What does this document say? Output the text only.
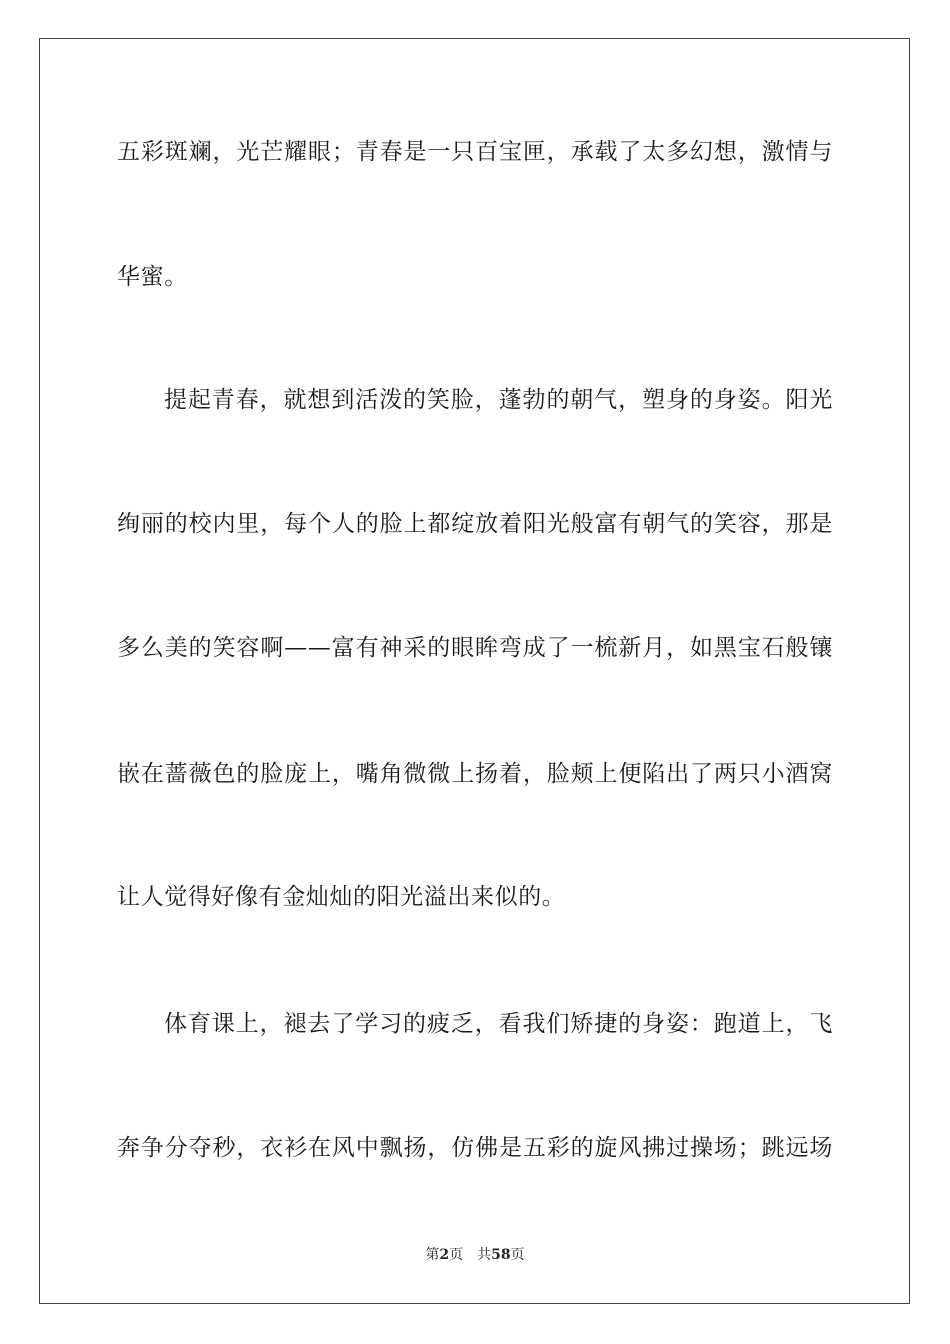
五彩斑斓，光芒耀眼；青春是一只百宝匣，承载了太多幻想，激情与
华蜜。
提起青春，就想到活泼的笑脸，蓬勃的朝气，塑身的身姿。阳光
绚丽的校内里，每个人的脸上都绽放着阳光般富有朝气的笑容，那是
多么美的笑容啊——富有神采的眼眸弯成了一梳新月，如黑宝石般镶
嵌在蔷薇色的脸庞上，嘴角微微上扬着，脸颊上便陷出了两只小酒窝
让人觉得好像有金灿灿的阳光溢出来似的。
体育课上，褪去了学习的疲乏，看我们矫捷的身姿：跑道上，飞
奔争分夺秒，衣衫在风中飘扬，仿佛是五彩的旋风拂过操场；跳远场
第2页 共58页
